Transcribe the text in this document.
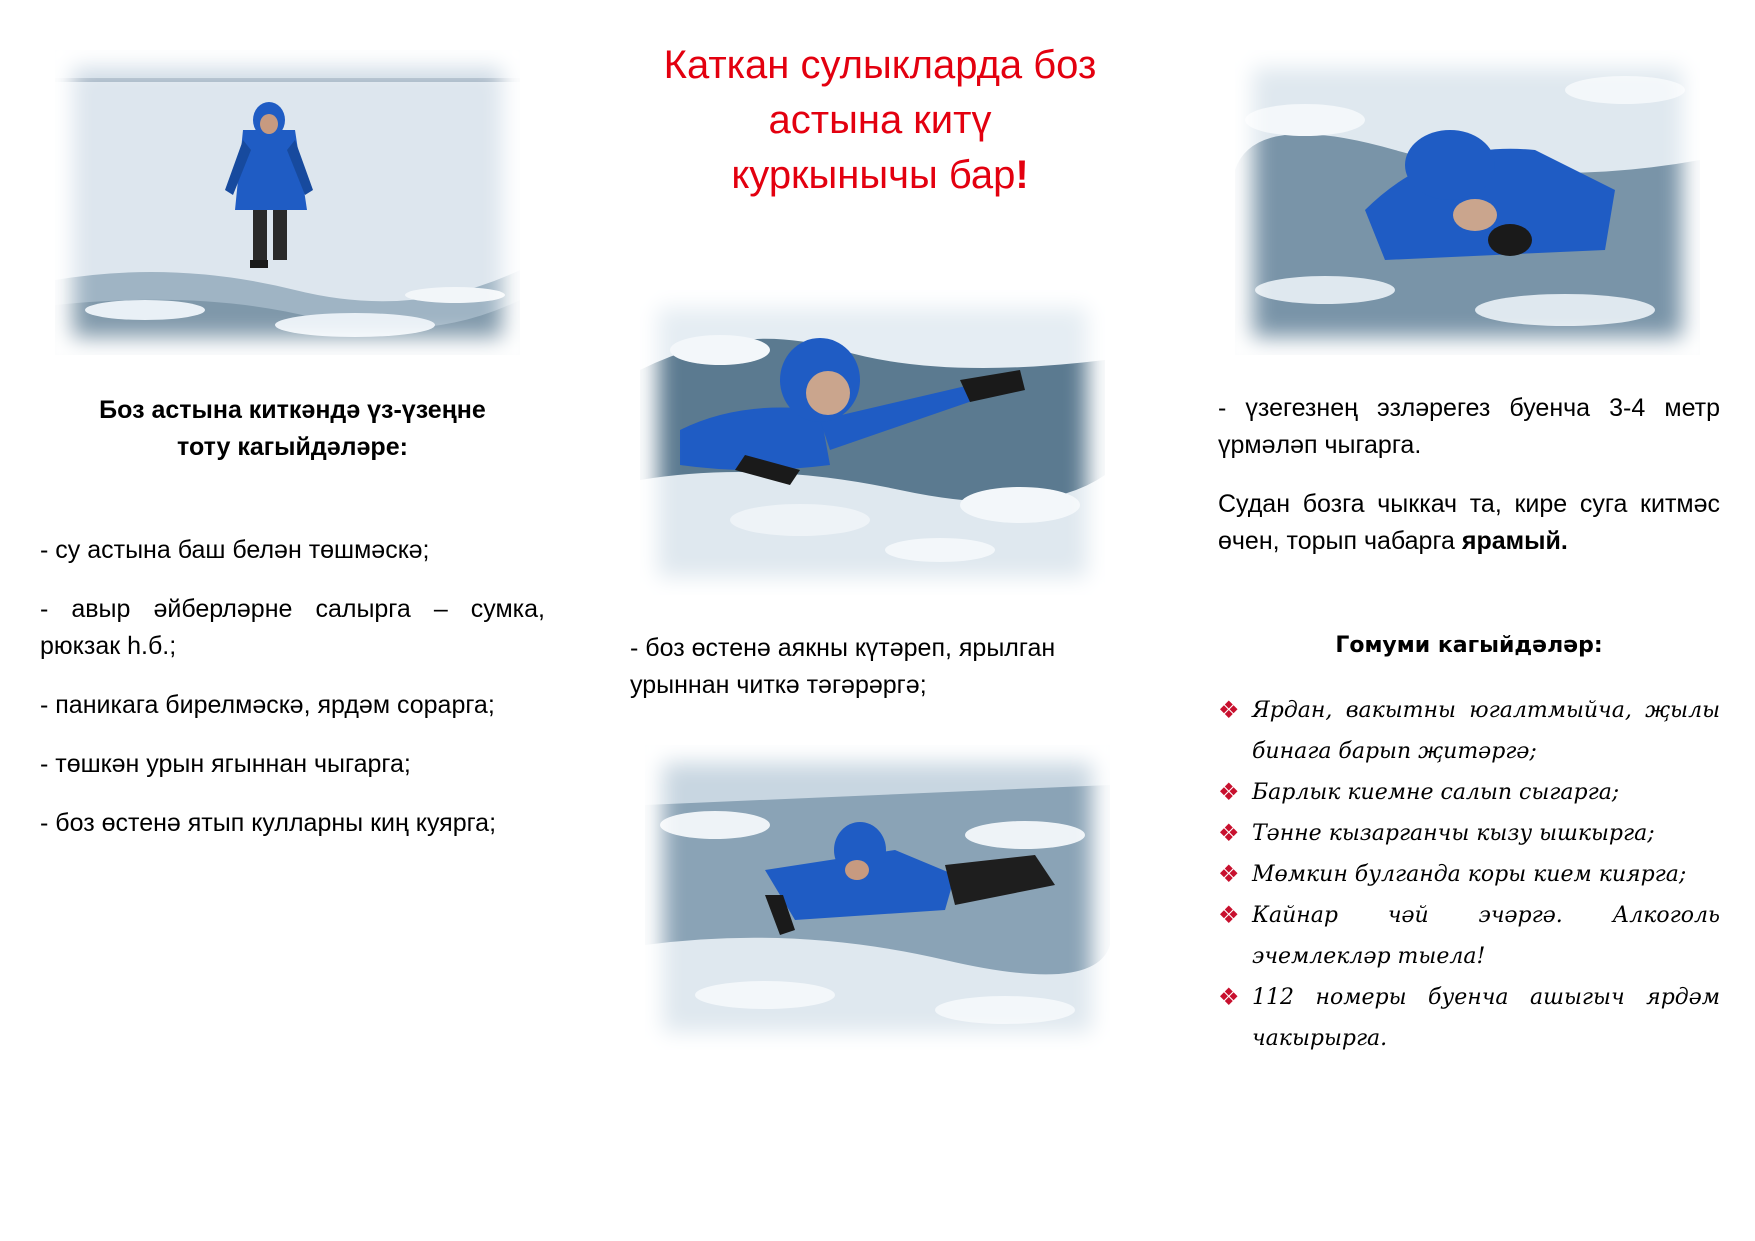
Каткан сулыкларда боз
астына китү
куркынычы бар!
Боз астына киткәндә үз-үзеңне
тоту кагыйдәләре:

- су астына баш белән төшмәскә;

- авыр әйберләрне салырга – сумка, рюкзак һ.б.;

- паникага бирелмәскә, ярдәм сорарга;

- төшкән урын ягыннан чыгарга;

- боз өстенә ятып кулларны киң куярга;

- боз өстенә аякны күтәреп, ярылган урыннан читкә тәгәрәргә;

- үзегезнең эзләрегез буенча 3-4 метр үрмәләп чыгарга.

Судан бозга чыккач та, кире суга китмәс өчен, торып чабарга ярамый.

Гомуми кагыйдәләр:
❖ Ярдан, вакытны югалтмыйча, җылы бинага барып җитәргә;
❖ Барлык киемне салып сыгарга;
❖ Тәнне кызарганчы кызу ышкырга;
❖ Мөмкин булганда коры кием киярга;
❖ Кайнар чәй эчәргә. Алкоголь эчемлекләр тыела!
❖ 112 номеры буенча ашыгыч ярдәм чакырырга.
